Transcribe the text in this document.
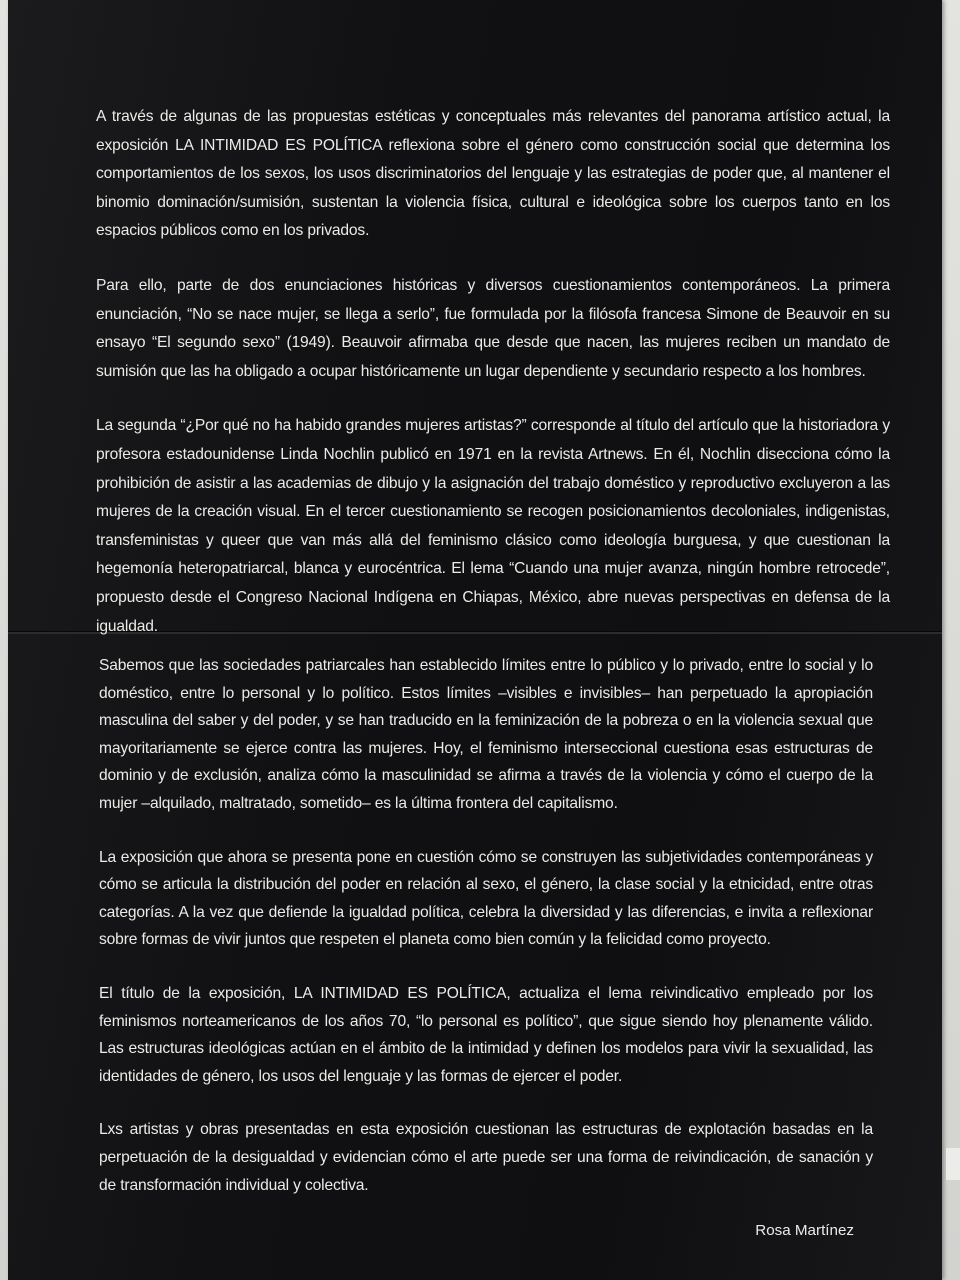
A través de algunas de las propuestas estéticas y conceptuales más relevantes del panorama artístico actual, la exposición LA INTIMIDAD ES POLÍTICA reflexiona sobre el género como construcción social que determina los comportamientos de los sexos, los usos discriminatorios del lenguaje y las estrategias de poder que, al mantener el binomio dominación/sumisión, sustentan la violencia física, cultural e ideológica sobre los cuerpos tanto en los espacios públicos como en los privados.

Para ello, parte de dos enunciaciones históricas y diversos cuestionamientos contemporáneos. La primera enunciación, “No se nace mujer, se llega a serlo”, fue formulada por la filósofa francesa Simone de Beauvoir en su ensayo “El segundo sexo” (1949). Beauvoir afirmaba que desde que nacen, las mujeres reciben un mandato de sumisión que las ha obligado a ocupar históricamente un lugar dependiente y secundario respecto a los hombres.

La segunda “¿Por qué no ha habido grandes mujeres artistas?” corresponde al título del artículo que la historiadora y profesora estadounidense Linda Nochlin publicó en 1971 en la revista Artnews. En él, Nochlin disecciona cómo la prohibición de asistir a las academias de dibujo y la asignación del trabajo doméstico y reproductivo excluyeron a las mujeres de la creación visual. En el tercer cuestionamiento se recogen posicionamientos decoloniales, indigenistas, transfeministas y queer que van más allá del feminismo clásico como ideología burguesa, y que cuestionan la hegemonía heteropatriarcal, blanca y eurocéntrica. El lema “Cuando una mujer avanza, ningún hombre retrocede”, propuesto desde el Congreso Nacional Indígena en Chiapas, México, abre nuevas perspectivas en defensa de la igualdad.

Sabemos que las sociedades patriarcales han establecido límites entre lo público y lo privado, entre lo social y lo doméstico, entre lo personal y lo político. Estos límites –visibles e invisibles– han perpetuado la apropiación masculina del saber y del poder, y se han traducido en la feminización de la pobreza o en la violencia sexual que mayoritariamente se ejerce contra las mujeres. Hoy, el feminismo interseccional cuestiona esas estructuras de dominio y de exclusión, analiza cómo la masculinidad se afirma a través de la violencia y cómo el cuerpo de la mujer –alquilado, maltratado, sometido– es la última frontera del capitalismo.

La exposición que ahora se presenta pone en cuestión cómo se construyen las subjetividades contemporáneas y cómo se articula la distribución del poder en relación al sexo, el género, la clase social y la etnicidad, entre otras categorías. A la vez que defiende la igualdad política, celebra la diversidad y las diferencias, e invita a reflexionar sobre formas de vivir juntos que respeten el planeta como bien común y la felicidad como proyecto.

El título de la exposición, LA INTIMIDAD ES POLÍTICA, actualiza el lema reivindicativo empleado por los feminismos norteamericanos de los años 70, “lo personal es político”, que sigue siendo hoy plenamente válido. Las estructuras ideológicas actúan en el ámbito de la intimidad y definen los modelos para vivir la sexualidad, las identidades de género, los usos del lenguaje y las formas de ejercer el poder.

Lxs artistas y obras presentadas en esta exposición cuestionan las estructuras de explotación basadas en la perpetuación de la desigualdad y evidencian cómo el arte puede ser una forma de reivindicación, de sanación y de transformación individual y colectiva.

Rosa Martínez
